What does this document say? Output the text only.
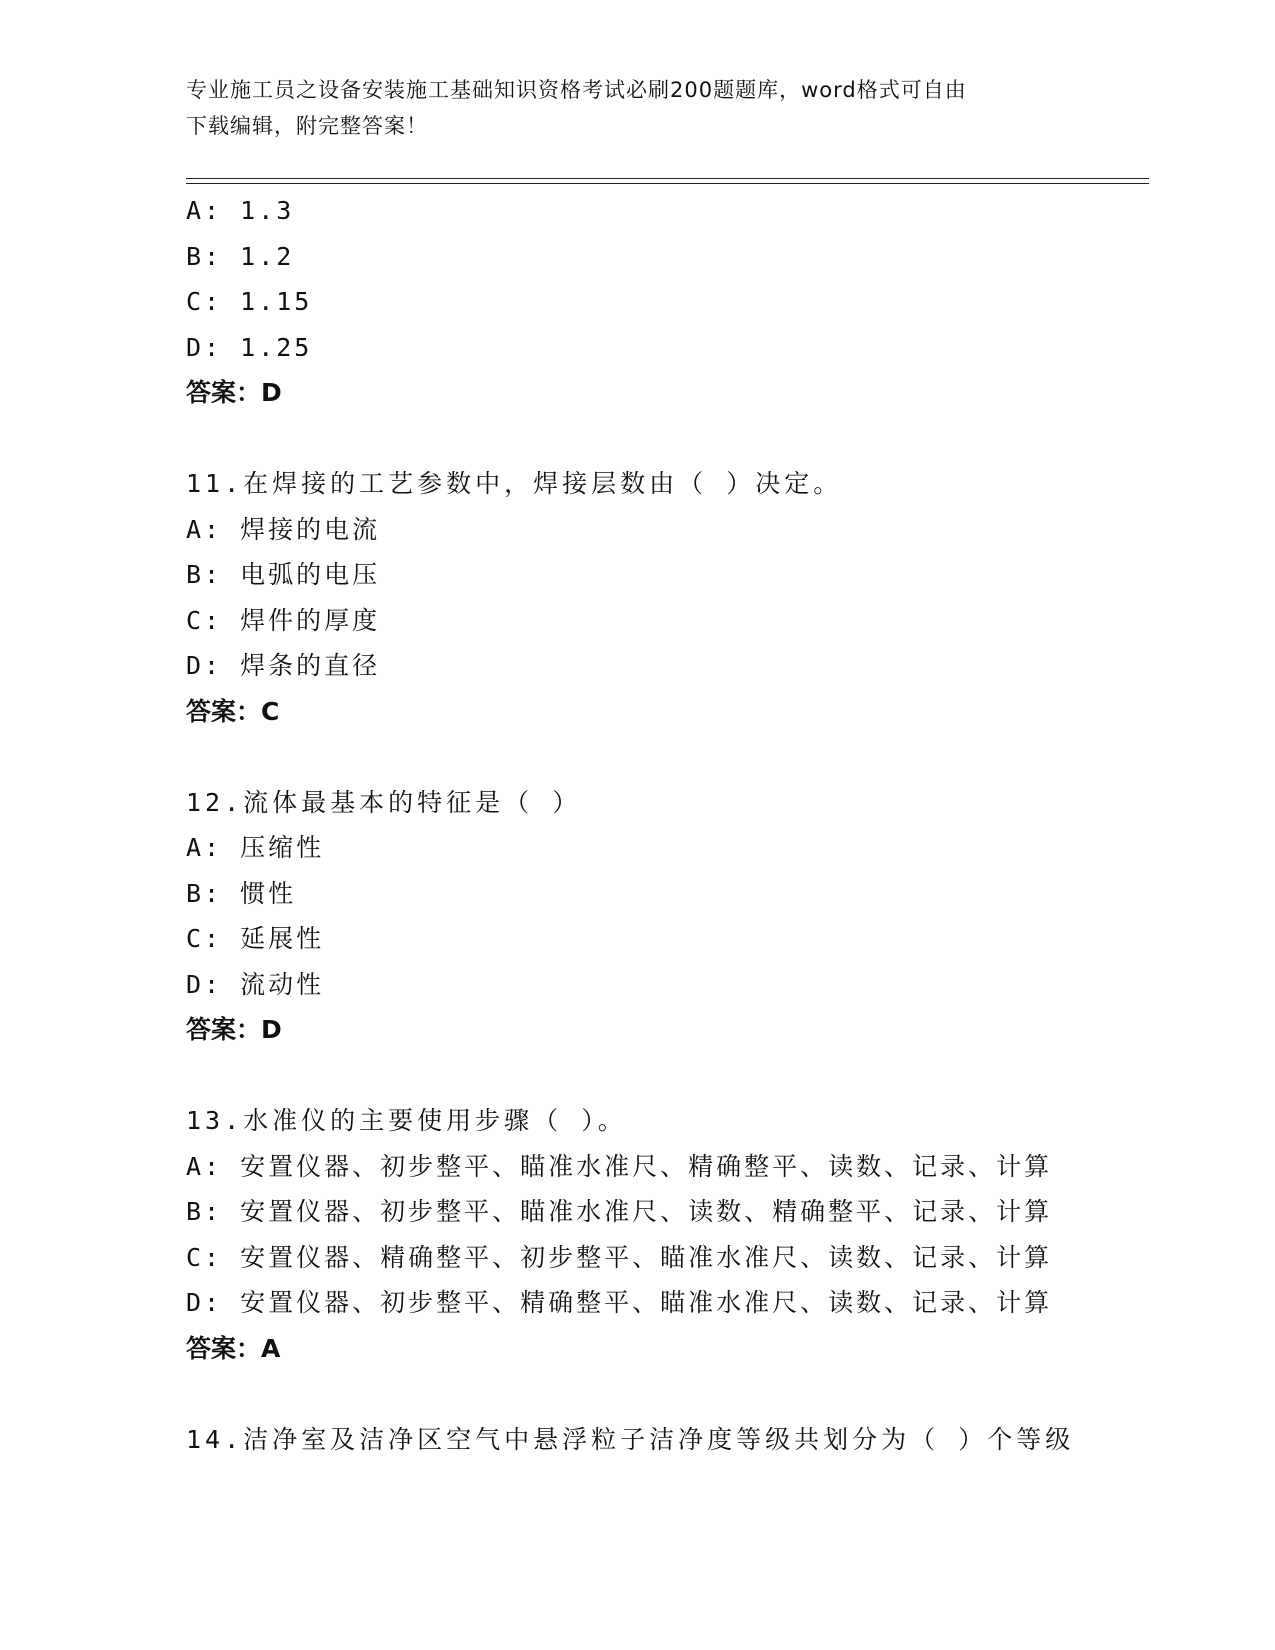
专业施工员之设备安装施工基础知识资格考试必刷200题题库，word格式可自由
下载编辑，附完整答案！
A: 1.3
B: 1.2
C: 1.15
D: 1.25
答案：D
11.在焊接的工艺参数中，焊接层数由（ ）决定。
A: 焊接的电流
B: 电弧的电压
C: 焊件的厚度
D: 焊条的直径
答案：C
12.流体最基本的特征是（ ）
A: 压缩性
B: 惯性
C: 延展性
D: 流动性
答案：D
13.水准仪的主要使用步骤（ ）。
A: 安置仪器、初步整平、瞄准水准尺、精确整平、读数、记录、计算
B: 安置仪器、初步整平、瞄准水准尺、读数、精确整平、记录、计算
C: 安置仪器、精确整平、初步整平、瞄准水准尺、读数、记录、计算
D: 安置仪器、初步整平、精确整平、瞄准水准尺、读数、记录、计算
答案：A
14.洁净室及洁净区空气中悬浮粒子洁净度等级共划分为（ ）个等级
